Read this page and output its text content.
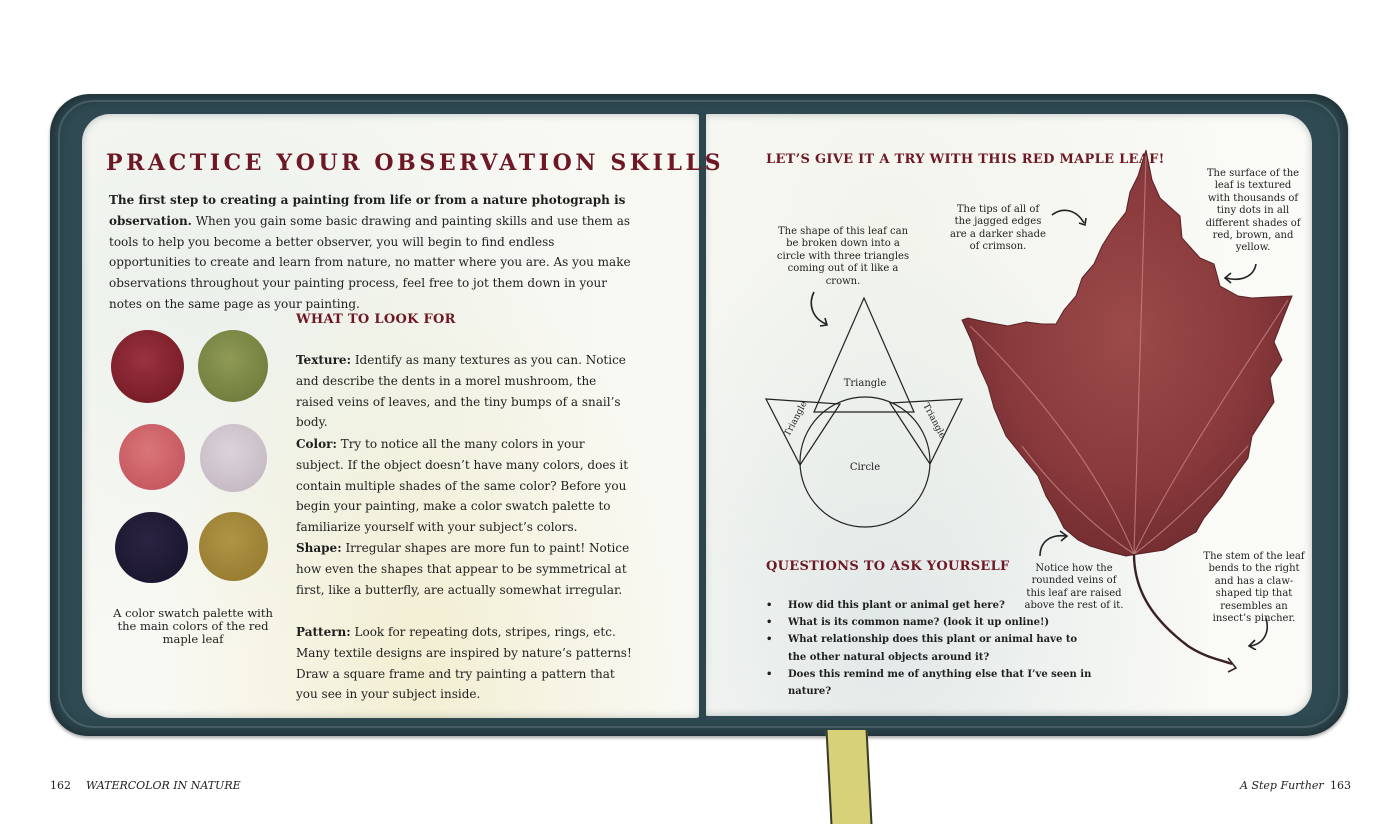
PRACTICE YOUR OBSERVATION SKILLS

The first step to creating a painting from life or from a nature photograph is observation. When you gain some basic drawing and painting skills and use them as tools to help you become a better observer, you will begin to find endless opportunities to create and learn from nature, no matter where you are. As you make observations throughout your painting process, feel free to jot them down in your notes on the same page as your painting.

A color swatch palette with the main colors of the red maple leaf

WHAT TO LOOK FOR

Texture: Identify as many textures as you can. Notice and describe the dents in a morel mushroom, the raised veins of leaves, and the tiny bumps of a snail’s body.

Color: Try to notice all the many colors in your subject. If the object doesn’t have many colors, does it contain multiple shades of the same color? Before you begin your painting, make a color swatch palette to familiarize yourself with your subject’s colors.

Shape: Irregular shapes are more fun to paint! Notice how even the shapes that appear to be symmetrical at first, like a butterfly, are actually somewhat irregular.

Pattern: Look for repeating dots, stripes, rings, etc. Many textile designs are inspired by nature’s patterns! Draw a square frame and try painting a pattern that you see in your subject inside.

LET’S GIVE IT A TRY WITH THIS RED MAPLE LEAF!

The shape of this leaf can be broken down into a circle with three triangles coming out of it like a crown.

The tips of all of the jagged edges are a darker shade of crimson.

The surface of the leaf is textured with thousands of tiny dots in all different shades of red, brown, and yellow.

Notice how the rounded veins of this leaf are raised above the rest of it.

The stem of the leaf bends to the right and has a claw-shaped tip that resembles an insect’s pincher.

Triangle
Triangle	Triangle
Circle
QUESTIONS TO ASK YOURSELF
• How did this plant or animal get here?
• What is its common name? (look it up online!)
• What relationship does this plant or animal have to the other natural objects around it?
• Does this remind me of anything else that I’ve seen in nature?
162 WATERCOLOR IN NATURE	A Step Further 163
